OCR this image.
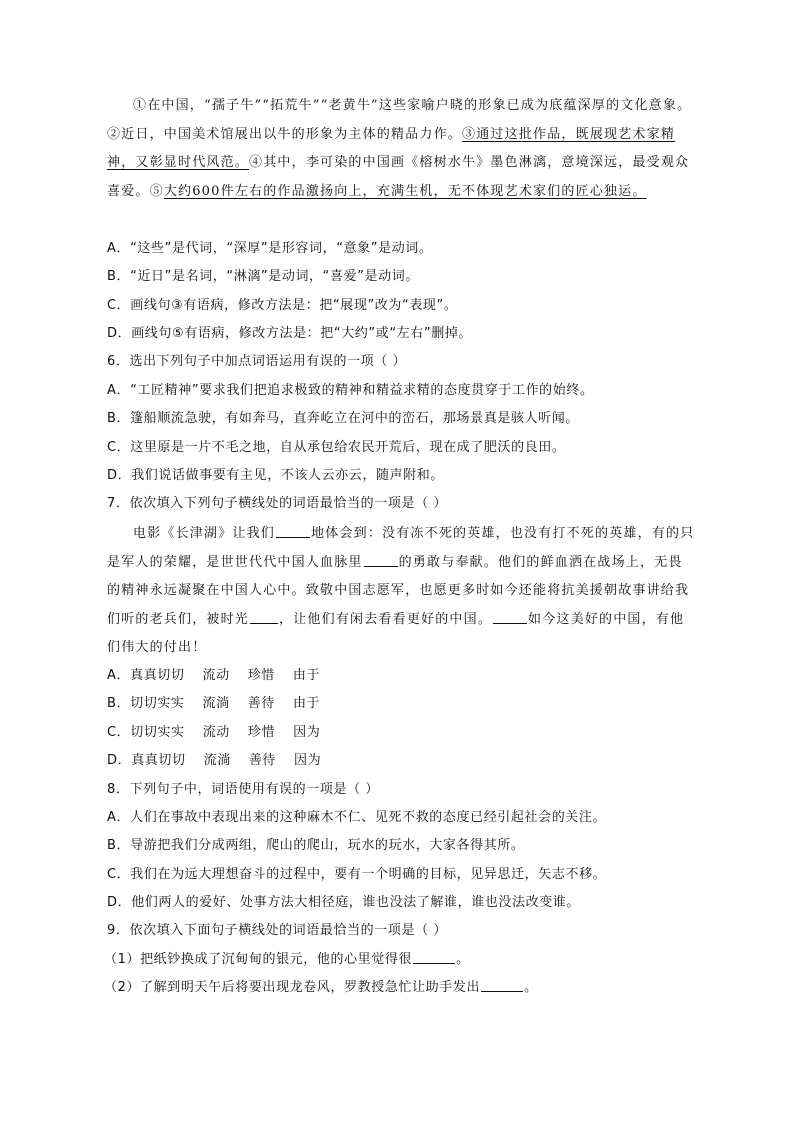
①在中国，“孺子牛”“拓荒牛”“老黄牛”这些家喻户晓的形象已成为底蕴深厚的文化意象。②近日，中国美术馆展出以牛的形象为主体的精品力作。③通过这批作品，既展现艺术家精神，又彰显时代风范。④其中，李可染的中国画《榕树水牛》墨色淋漓，意境深远，最受观众喜爱。⑤大约600件左右的作品激扬向上，充满生机，无不体现艺术家们的匠心独运。
A．“这些”是代词，“深厚”是形容词，“意象”是动词。
B．“近日”是名词，“淋漓”是动词，“喜爱”是动词。
C．画线句③有语病，修改方法是：把“展现”改为“表现”。
D．画线句⑤有语病，修改方法是：把“大约”或“左右”删掉。
6．选出下列句子中加点词语运用有误的一项（ ）
A．“工匠精神”要求我们把追求极致的精神和精益求精的态度贯穿于工作的始终。
B．篷船顺流急驶，有如奔马，直奔屹立在河中的峦石，那场景真是骇人听闻。
C．这里原是一片不毛之地，自从承包给农民开荒后，现在成了肥沃的良田。
D．我们说话做事要有主见，不该人云亦云，随声附和。
7．依次填入下列句子横线处的词语最恰当的一项是（ ）
电影《长津湖》让我们	地体会到：没有冻不死的英雄，也没有打不死的英雄，有的只是军人的荣耀，是世世代代中国人血脉里	的勇敢与奉献。他们的鲜血洒在战场上，无畏的精神永远凝聚在中国人心中。致敬中国志愿军，也愿更多时如今还能将抗美援朝故事讲给我们听的老兵们，被时光 ，让他们有闲去看看更好的中国。	如今这美好的中国，有他们伟大的付出！
A．真真切切 流动 珍惜 由于
B．切切实实 流淌 善待 由于
C．切切实实 流动 珍惜 因为
D．真真切切 流淌 善待 因为
8．下列句子中，词语使用有误的一项是（ ）
A．人们在事故中表现出来的这种麻木不仁、见死不救的态度已经引起社会的关注。
B．导游把我们分成两组，爬山的爬山，玩水的玩水，大家各得其所。
C．我们在为远大理想奋斗的过程中，要有一个明确的目标，见异思迁，矢志不移。
D．他们两人的爱好、处事方法大相径庭，谁也没法了解谁，谁也没法改变谁。
9．依次填入下面句子横线处的词语最恰当的一项是（ ）
（1）把纸钞换成了沉甸甸的银元，他的心里觉得很	。
（2）了解到明天午后将要出现龙卷风，罗教授急忙让助手发出	。
